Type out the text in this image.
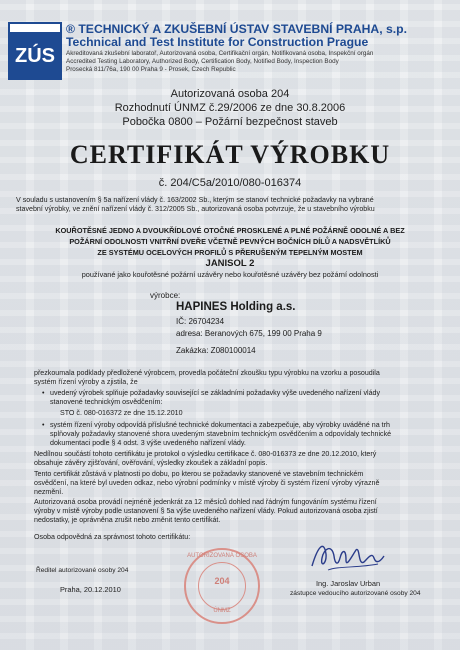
ZÚS
® TECHNICKÝ A ZKUŠEBNÍ ÚSTAV STAVEBNÍ PRAHA, s.p.
Technical and Test Institute for Construction Prague
Akreditovaná zkušební laboratoř, Autorizovaná osoba, Certifikační orgán, Notifikovaná osoba, Inspekční orgán
Accredited Testing Laboratory, Authorized Body, Certification Body, Notified Body, Inspection Body
Prosecká 811/76a, 190 00 Praha 9 - Prosek, Czech Republic
Autorizovaná osoba 204
Rozhodnutí ÚNMZ č.29/2006 ze dne 30.8.2006
Pobočka 0800 – Požární bezpečnost staveb
CERTIFIKÁT VÝROBKU
č. 204/C5a/2010/080-016374
V souladu s ustanovením § 5a nařízení vlády č. 163/2002 Sb., kterým se stanoví technické požadavky na vybrané
stavební výrobky, ve znění nařízení vlády č. 312/2005 Sb., autorizovaná osoba potvrzuje, že u stavebního výrobku
KOUŘOTĚSNÉ JEDNO A DVOUKŘÍDLOVÉ OTOČNÉ PROSKLENÉ A PLNÉ POŽÁRNĚ ODOLNÉ A BEZ
POŽÁRNÍ ODOLNOSTI VNITŘNÍ DVEŘE VČETNĚ PEVNÝCH BOČNÍCH DÍLŮ A NADSVĚTLÍKŮ
ZE SYSTÉMU OCELOVÝCH PROFILŮ S PŘERUŠENÝM TEPELNÝM MOSTEM
JANISOL 2
používané jako kouřotěsné požární uzávěry nebo kouřotěsné uzávěry bez požární odolnosti
výrobce:
HAPINES Holding a.s.
IČ: 26704234
adresa: Beranových 675, 199 00 Praha 9
Zakázka: Z080100014
přezkoumala podklady předložené výrobcem, provedla počáteční zkoušku typu výrobku na vzorku a posoudila
systém řízení výroby a zjistila, že
• uvedený výrobek splňuje požadavky související se základními požadavky výše uvedeného nařízení vlády
stanovené technickým osvědčením:
STO č. 080-016372 ze dne 15.12.2010
• systém řízení výroby odpovídá příslušné technické dokumentaci a zabezpečuje, aby výrobky uváděné na trh
splňovaly požadavky stanovené shora uvedeným stavebním technickým osvědčením a odpovídaly technické
dokumentaci podle § 4 odst. 3 výše uvedeného nařízení vlády.
Nedílnou součástí tohoto certifikátu je protokol o výsledku certifikace č. 080-016373 ze dne 20.12.2010, který
obsahuje závěry zjišťování, ověřování, výsledky zkoušek a základní popis.
Tento certifikát zůstává v platnosti po dobu, po kterou se požadavky stanovené ve stavebním technickém
osvědčení, na které byl uveden odkaz, nebo výrobní podmínky v místě výroby či systém řízení výroby výrazně
nezmění.
Autorizovaná osoba provádí nejméně jedenkrát za 12 měsíců dohled nad řádným fungováním systému řízení
výroby v místě výroby podle ustanovení § 5a výše uvedeného nařízení vlády. Pokud autorizovaná osoba zjistí
nedostatky, je oprávněna zrušit nebo změnit tento certifikát.
Osoba odpovědná za správnost tohoto certifikátu:
Ředitel autorizované osoby 204
Praha, 20.12.2010
AUTORIZOVANÁ OSOBA
204
ÚNMZ
Ing. Jaroslav Urban
zástupce vedoucího autorizované osoby 204
